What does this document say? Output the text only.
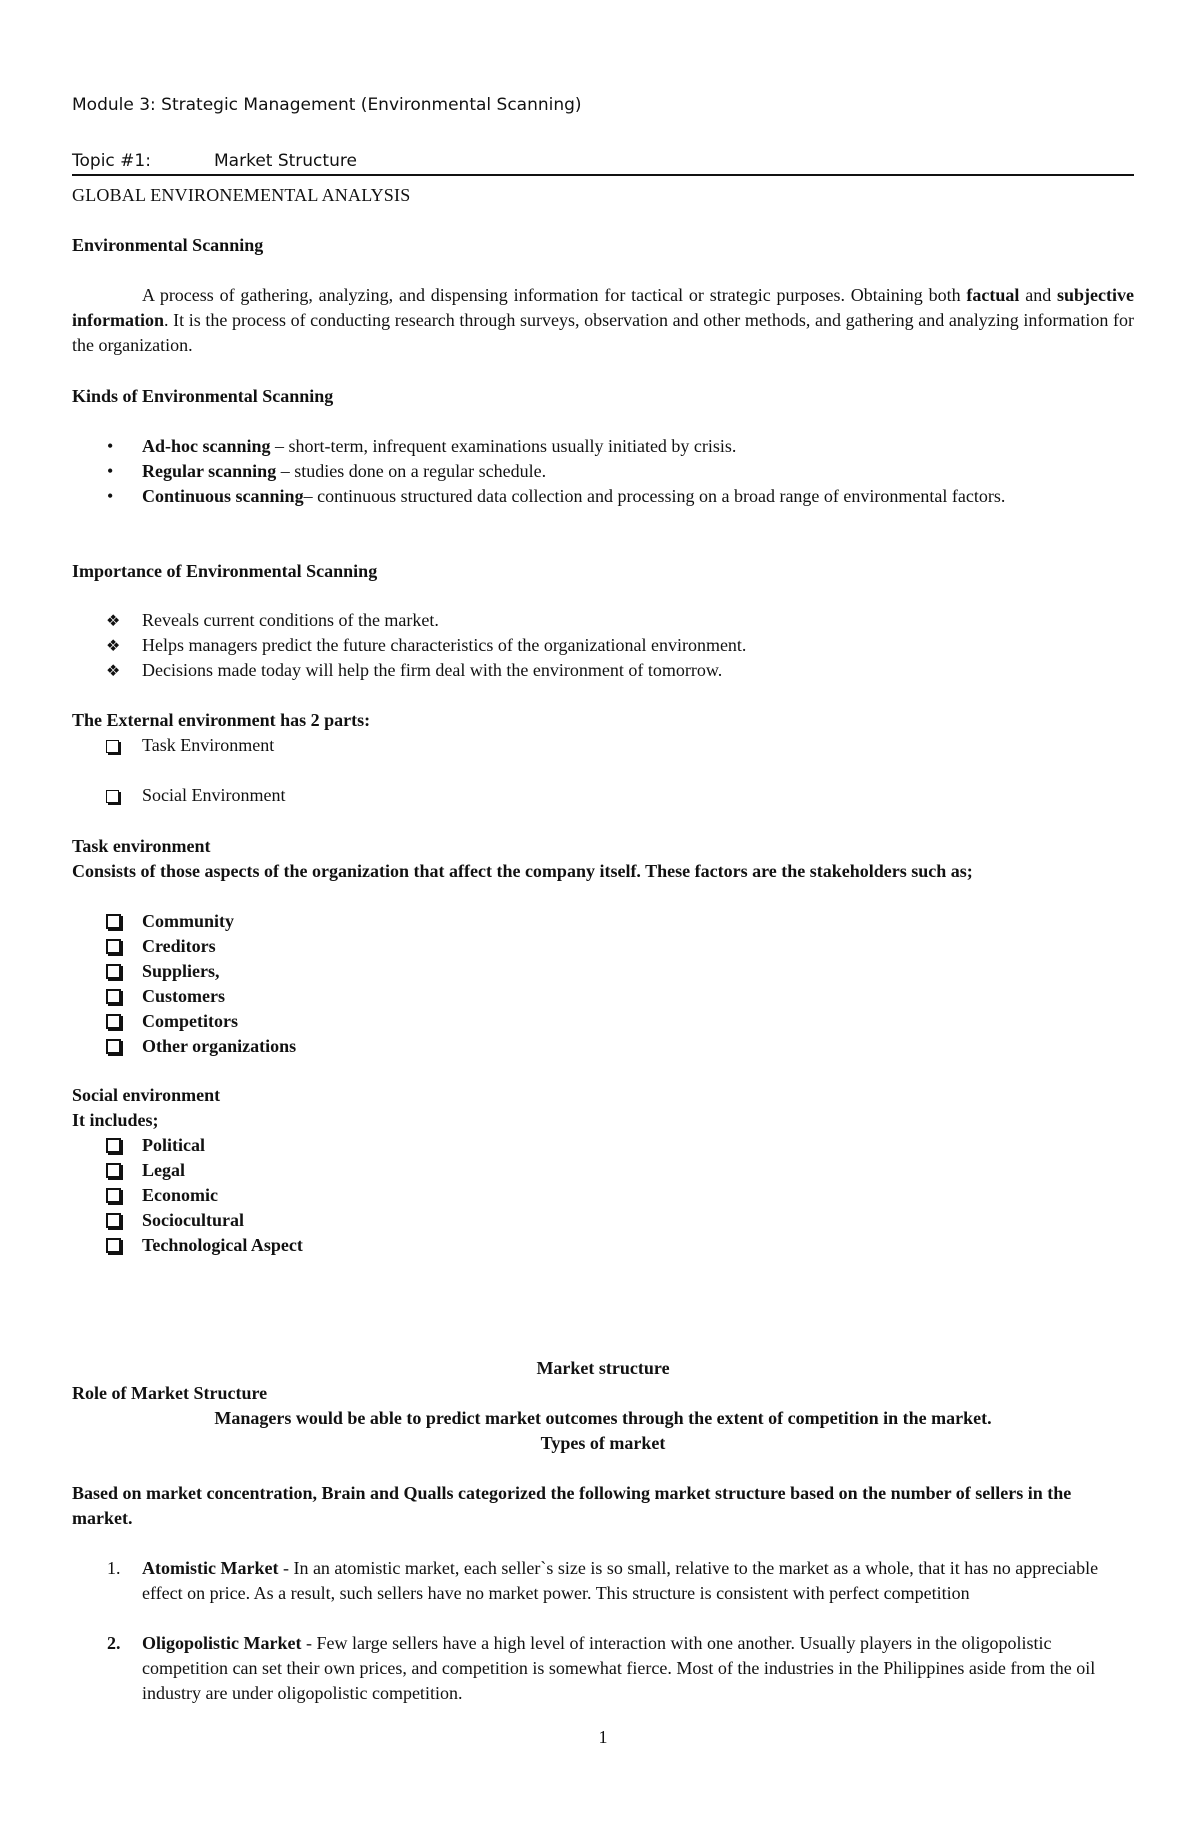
Module 3: Strategic Management (Environmental Scanning)
Topic #1:	Market Structure
GLOBAL ENVIRONEMENTAL ANALYSIS
Environmental Scanning
A process of gathering, analyzing, and dispensing information for tactical or strategic purposes. Obtaining both factual and subjective information. It is the process of conducting research through surveys, observation and other methods, and gathering and analyzing information for the organization.
Kinds of Environmental Scanning
•	Ad-hoc scanning – short-term, infrequent examinations usually initiated by crisis.
•	Regular scanning – studies done on a regular schedule.
•	Continuous scanning– continuous structured data collection and processing on a broad range of environmental factors.
Importance of Environmental Scanning
❖	Reveals current conditions of the market.
❖	Helps managers predict the future characteristics of the organizational environment.
❖	Decisions made today will help the firm deal with the environment of tomorrow.
The External environment has 2 parts:
Task Environment
Social Environment
Task environment
Consists of those aspects of the organization that affect the company itself. These factors are the stakeholders such as;
Community
Creditors
Suppliers,
Customers
Competitors
Other organizations
Social environment
It includes;
Political
Legal
Economic
Sociocultural
Technological Aspect
Market structure
Role of Market Structure
Managers would be able to predict market outcomes through the extent of competition in the market.
Types of market
Based on market concentration, Brain and Qualls categorized the following market structure based on the number of sellers in the market.
1. Atomistic Market - In an atomistic market, each seller`s size is so small, relative to the market as a whole, that it has no appreciable effect on price. As a result, such sellers have no market power. This structure is consistent with perfect competition
2. Oligopolistic Market - Few large sellers have a high level of interaction with one another. Usually players in the oligopolistic competition can set their own prices, and competition is somewhat fierce. Most of the industries in the Philippines aside from the oil industry are under oligopolistic competition.
1
